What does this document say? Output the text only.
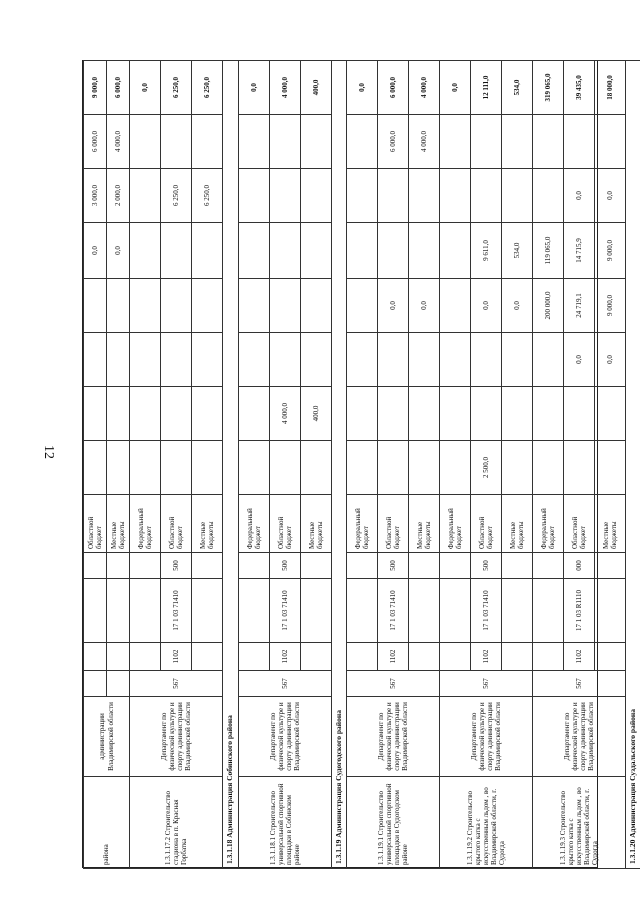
12
района	администрации Владимирской области					Областной бюджет					0,0	3 000,0	6 000,0	9 000,0
						Местные бюджеты					0,0	2 000,0	4 000,0	6 000,0
1.3.1.17.2 Строительство стадиона в п. Красная Горбатка	Департамент по физической культуре и спорту администрации Владимирской области	567				Федеральный бюджет								0,0
			1102	17 1 03 71410	500	Областной бюджет						6 250,0		6 250,0
						Местные бюджеты						6 250,0		6 250,0
1.3.1.18 Администрация Собинского района														
1.3.1.18.1 Строительство универсальной спортивной площадки в Собинском районе	Департамент по физической культуре и спорту администрации Владимирской области	567				Федеральный бюджет								0,0
			1102	17 1 03 71410	500	Областной бюджет		4 000,0						4 000,0
						Местные бюджеты		400,0						400,0
1.3.1.19 Администрация Судогодского района														
1.3.1.19.1 Строительство универсальной спортивной площадки в Судогодском районе	Департамент по физической культуре и спорту администрации Владимирской области	567				Федеральный бюджет								0,0
			1102	17 1 03 71410	500	Областной бюджет				0,0			6 000,0	6 000,0
						Местные бюджеты				0,0			4 000,0	4 000,0
1.3.1.19.2 Строительство крытого катка с искусственным льдом , во Владимирской области, г. Судогда	Департамент по физической культуре и спорту администрации Владимирской области	567				Федеральный бюджет								0,0
			1102	17 1 03 71410	500	Областной бюджет	2 500,0			0,0	9 611,0			12 111,0
						Местные бюджеты				0,0	534,0			534,0
1.3.1.19.3 Строительство крытого катка с искусственным льдом , во Владимирской области, г. Судогда	Департамент по физической культуре и спорту администрации Владимирской области	567				Федеральный бюджет				200 000,0	119 065,0			319 065,0
			1102	17 1 03 R1110	000	Областной бюджет			0,0	24 719,1	14 715,9	0,0		39 435,0
						Местные бюджеты			0,0	9 000,0	9 000,0	0,0		18 000,0
1.3.1.20 Администрация Суздальского района														
